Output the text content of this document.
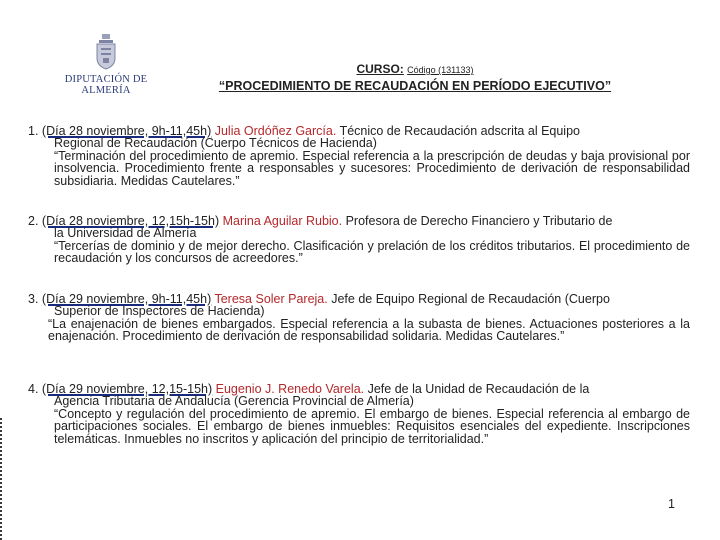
DIPUTACIÓN DE ALMERÍA
CURSO: Código (131133)
“PROCEDIMIENTO DE RECAUDACIÓN EN PERÍODO EJECUTIVO”
1. (Día 28 noviembre, 9h-11,45h) Julia Ordóñez García. Técnico de Recaudación adscrita al Equipo
Regional de Recaudación (Cuerpo Técnicos de Hacienda)
“Terminación del procedimiento de apremio. Especial referencia a la prescripción de deudas y baja provisional por insolvencia. Procedimiento frente a responsables y sucesores: Procedimiento de derivación de responsabilidad subsidiaria. Medidas Cautelares.”
2. (Día 28 noviembre, 12,15h-15h) Marina Aguilar Rubio. Profesora de Derecho Financiero y Tributario de
la Universidad de Almería
“Tercerías de dominio y de mejor derecho. Clasificación y prelación de los créditos tributarios. El procedimiento de recaudación y los concursos de acreedores.”
3. (Día 29 noviembre, 9h-11,45h) Teresa Soler Pareja. Jefe de Equipo Regional de Recaudación (Cuerpo
Superior de Inspectores de Hacienda)
“La enajenación de bienes embargados. Especial referencia a la subasta de bienes. Actuaciones posteriores a la enajenación. Procedimiento de derivación de responsabilidad solidaria. Medidas Cautelares.”
4. (Día 29 noviembre, 12,15-15h) Eugenio J. Renedo Varela. Jefe de la Unidad de Recaudación de la
Agencia Tributaria de Andalucía (Gerencia Provincial de Almería)
“Concepto y regulación del procedimiento de apremio. El embargo de bienes. Especial referencia al embargo de participaciones sociales. El embargo de bienes inmuebles: Requisitos esenciales del expediente. Inscripciones telemáticas. Inmuebles no inscritos y aplicación del principio de territorialidad.”
1
